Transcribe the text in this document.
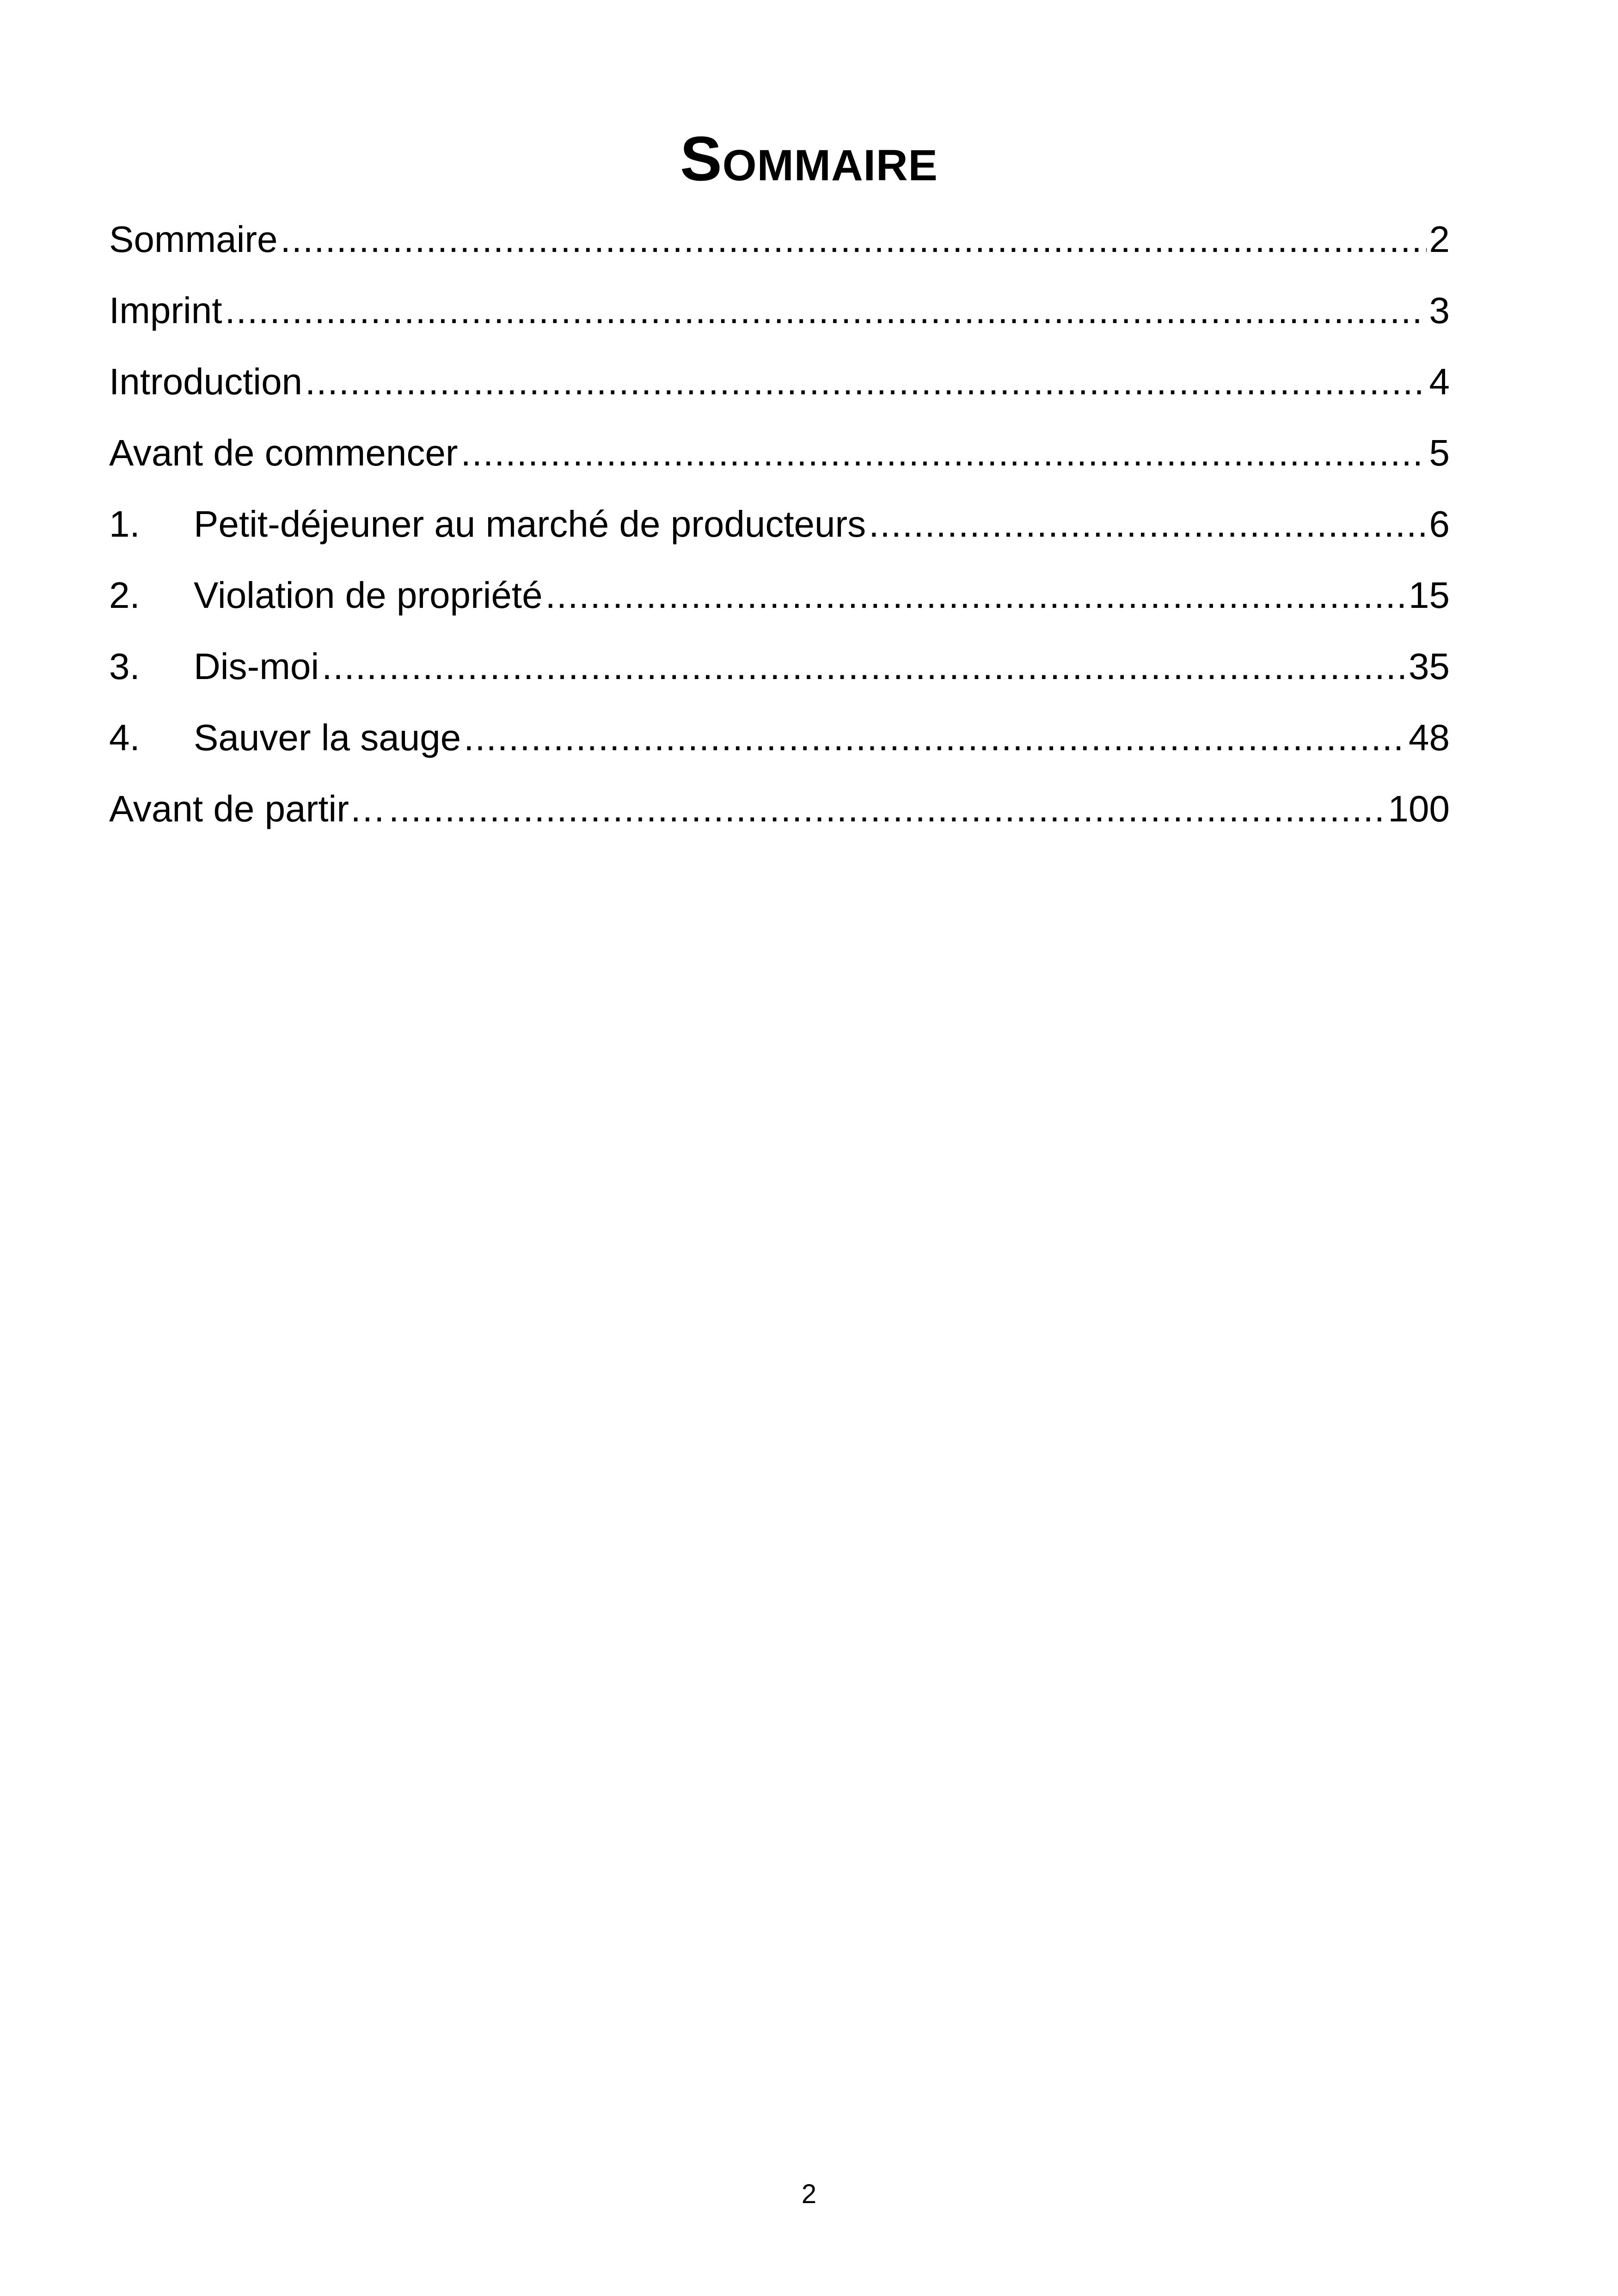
Sommaire
Sommaire .....	2
Imprint .....	3
Introduction .....	4
Avant de commencer .....	5
1.	Petit-déjeuner au marché de producteurs .....	6
2.	Violation de propriété .....	15
3.	Dis-moi .....	35
4.	Sauver la sauge .....	48
Avant de partir… .....	100
2
